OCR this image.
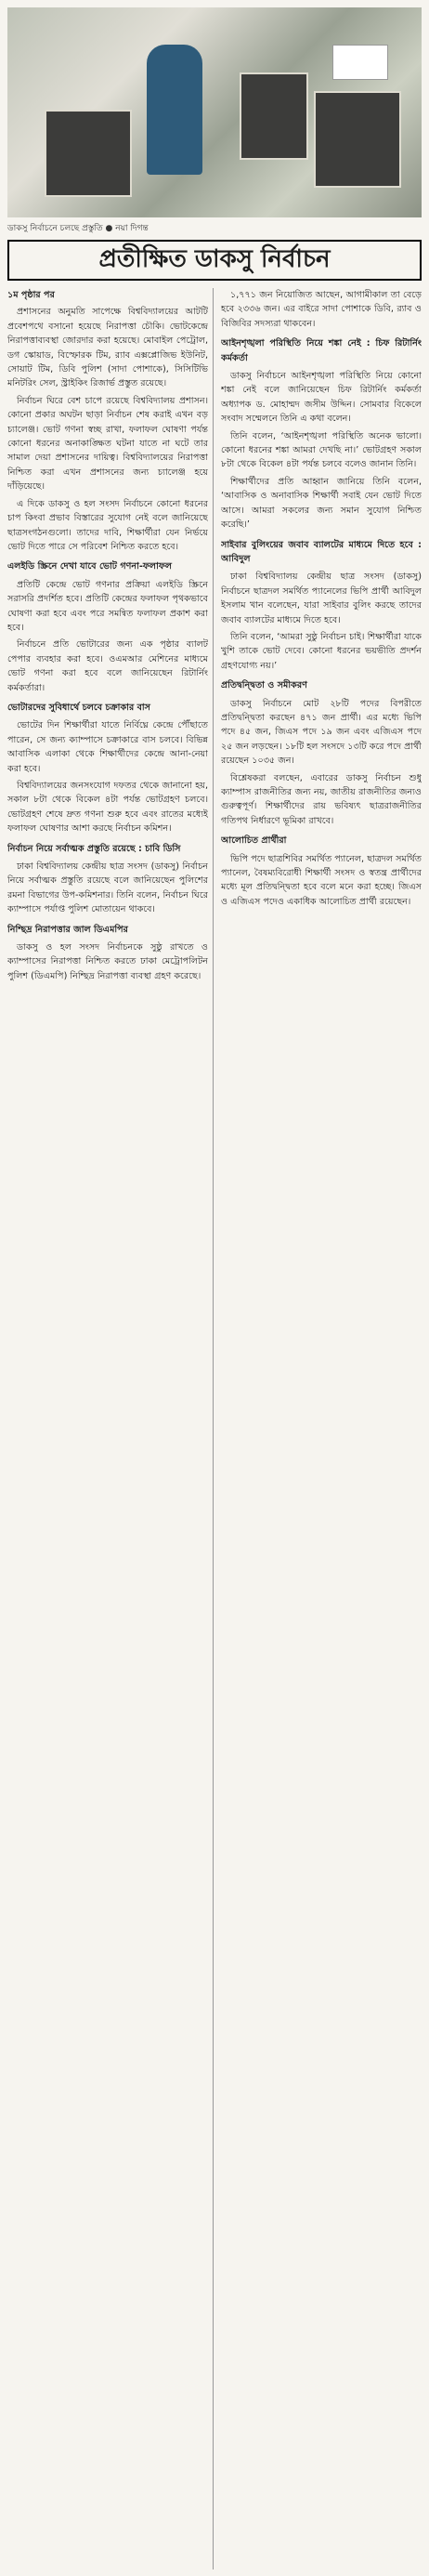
ডাকসু নির্বাচনে চলছে প্রস্তুতি ● নয়া দিগন্ত
প্রতীক্ষিত ডাকসু নির্বাচন

১ম পৃষ্ঠার পর

প্রশাসনের অনুমতি সাপেক্ষে বিশ্ববিদ্যালয়ের আটটি প্রবেশপথে বসানো হয়েছে নিরাপত্তা চৌকি। ভোটকেন্দ্রে নিরাপত্তাব্যবস্থা জোরদার করা হয়েছে। মোবাইল পেট্রোল, ডগ স্কোয়াড, বিস্ফোরক টিম, র‍্যাব এক্সপ্লোজিভ ইউনিট, সোয়াট টিম, ডিবি পুলিশ (সাদা পোশাকে), সিসিটিভি মনিটরিং সেল, স্ট্রাইকিং রিজার্ভ প্রস্তুত রয়েছে।

নির্বাচন ঘিরে বেশ চাপে রয়েছে বিশ্ববিদ্যালয় প্রশাসন। কোনো প্রকার অঘটন ছাড়া নির্বাচন শেষ করাই এখন বড় চ্যালেঞ্জ। ভোট গণনা স্বচ্ছ রাখা, ফলাফল ঘোষণা পর্যন্ত কোনো ধরনের অনাকাঙ্ক্ষিত ঘটনা যাতে না ঘটে তার সামাল দেয়া প্রশাসনের দায়িত্ব। বিশ্ববিদ্যালয়ের নিরাপত্তা নিশ্চিত করা এখন প্রশাসনের জন্য চ্যালেঞ্জ হয়ে দাঁড়িয়েছে।

এ দিকে ডাকসু ও হল সংসদ নির্বাচনে কোনো ধরনের চাপ কিংবা প্রভাব বিস্তারের সুযোগ নেই বলে জানিয়েছে ছাত্রসংগঠনগুলো। তাদের দাবি, শিক্ষার্থীরা যেন নির্ভয়ে ভোট দিতে পারে সে পরিবেশ নিশ্চিত করতে হবে।

এলইডি স্ক্রিনে দেখা যাবে ভোট গণনা-ফলাফল

প্রতিটি কেন্দ্রে ভোট গণনার প্রক্রিয়া এলইডি স্ক্রিনে সরাসরি প্রদর্শিত হবে। প্রতিটি কেন্দ্রের ফলাফল পৃথকভাবে ঘোষণা করা হবে এবং পরে সমন্বিত ফলাফল প্রকাশ করা হবে।

নির্বাচনে প্রতি ভোটারের জন্য এক পৃষ্ঠার ব্যালট পেপার ব্যবহার করা হবে। ওএমআর মেশিনের মাধ্যমে ভোট গণনা করা হবে বলে জানিয়েছেন রিটার্নিং কর্মকর্তারা।

ভোটারদের সুবিধার্থে চলবে চক্রাকার বাস

ভোটের দিন শিক্ষার্থীরা যাতে নির্বিঘ্নে কেন্দ্রে পৌঁছাতে পারেন, সে জন্য ক্যাম্পাসে চক্রাকারে বাস চলবে। বিভিন্ন আবাসিক এলাকা থেকে শিক্ষার্থীদের কেন্দ্রে আনা-নেয়া করা হবে।

বিশ্ববিদ্যালয়ের জনসংযোগ দফতর থেকে জানানো হয়, সকাল ৮টা থেকে বিকেল ৪টা পর্যন্ত ভোটগ্রহণ চলবে। ভোটগ্রহণ শেষে দ্রুত গণনা শুরু হবে এবং রাতের মধ্যেই ফলাফল ঘোষণার আশা করছে নির্বাচন কমিশন।

নির্বাচন নিয়ে সর্বাত্মক প্রস্তুতি রয়েছে : চাবি ডিসি

ঢাকা বিশ্ববিদ্যালয় কেন্দ্রীয় ছাত্র সংসদ (ডাকসু) নির্বাচন নিয়ে সর্বাত্মক প্রস্তুতি রয়েছে বলে জানিয়েছেন পুলিশের রমনা বিভাগের উপ-কমিশনার। তিনি বলেন, নির্বাচন ঘিরে ক্যাম্পাসে পর্যাপ্ত পুলিশ মোতায়েন থাকবে।

নিশ্ছিদ্র নিরাপত্তার জাল ডিএমপির

ডাকসু ও হল সংসদ নির্বাচনকে সুষ্ঠু রাখতে ও ক্যাম্পাসের নিরাপত্তা নিশ্চিত করতে ঢাকা মেট্রোপলিটন পুলিশ (ডিএমপি) নিশ্ছিদ্র নিরাপত্তা ব্যবস্থা গ্রহণ করেছে।

১,৭৭১ জন নিয়োজিত আছেন, আগামীকাল তা বেড়ে হবে ২৩৩৬ জন। এর বাইরে সাদা পোশাকে ডিবি, র‍্যাব ও বিজিবির সদস্যরা থাকবেন।

আইনশৃঙ্খলা পরিস্থিতি নিয়ে শঙ্কা নেই : চিফ রিটার্নিং কর্মকর্তা

ডাকসু নির্বাচনে আইনশৃঙ্খলা পরিস্থিতি নিয়ে কোনো শঙ্কা নেই বলে জানিয়েছেন চিফ রিটার্নিং কর্মকর্তা অধ্যাপক ড. মোহাম্মদ জসীম উদ্দিন। সোমবার বিকেলে সংবাদ সম্মেলনে তিনি এ কথা বলেন।

তিনি বলেন, ‘আইনশৃঙ্খলা পরিস্থিতি অনেক ভালো। কোনো ধরনের শঙ্কা আমরা দেখছি না।’ ভোটগ্রহণ সকাল ৮টা থেকে বিকেল ৪টা পর্যন্ত চলবে বলেও জানান তিনি।

শিক্ষার্থীদের প্রতি আহ্বান জানিয়ে তিনি বলেন, ‘আবাসিক ও অনাবাসিক শিক্ষার্থী সবাই যেন ভোট দিতে আসে। আমরা সকলের জন্য সমান সুযোগ নিশ্চিত করেছি।’

সাইবার বুলিংয়ের জবাব ব্যালটের মাধ্যমে দিতে হবে : আবিদুল

ঢাকা বিশ্ববিদ্যালয় কেন্দ্রীয় ছাত্র সংসদ (ডাকসু) নির্বাচনে ছাত্রদল সমর্থিত প্যানেলের ভিপি প্রার্থী আবিদুল ইসলাম খান বলেছেন, যারা সাইবার বুলিং করছে তাদের জবাব ব্যালটের মাধ্যমে দিতে হবে।

তিনি বলেন, ‘আমরা সুষ্ঠু নির্বাচন চাই। শিক্ষার্থীরা যাকে খুশি তাকে ভোট দেবে। কোনো ধরনের ভয়ভীতি প্রদর্শন গ্রহণযোগ্য নয়।’

প্রতিদ্বন্দ্বিতা ও সমীকরণ

ডাকসু নির্বাচনে মোট ২৮টি পদের বিপরীতে প্রতিদ্বন্দ্বিতা করছেন ৪৭১ জন প্রার্থী। এর মধ্যে ভিপি পদে ৪৫ জন, জিএস পদে ১৯ জন এবং এজিএস পদে ২৫ জন লড়ছেন। ১৮টি হল সংসদে ১৩টি করে পদে প্রার্থী রয়েছেন ১০৩৫ জন।

বিশ্লেষকরা বলছেন, এবারের ডাকসু নির্বাচন শুধু ক্যাম্পাস রাজনীতির জন্য নয়, জাতীয় রাজনীতির জন্যও গুরুত্বপূর্ণ। শিক্ষার্থীদের রায় ভবিষ্যৎ ছাত্ররাজনীতির গতিপথ নির্ধারণে ভূমিকা রাখবে।

আলোচিত প্রার্থীরা

ভিপি পদে ছাত্রশিবির সমর্থিত প্যানেল, ছাত্রদল সমর্থিত প্যানেল, বৈষম্যবিরোধী শিক্ষার্থী সংসদ ও স্বতন্ত্র প্রার্থীদের মধ্যে মূল প্রতিদ্বন্দ্বিতা হবে বলে মনে করা হচ্ছে। জিএস ও এজিএস পদেও একাধিক আলোচিত প্রার্থী রয়েছেন।
